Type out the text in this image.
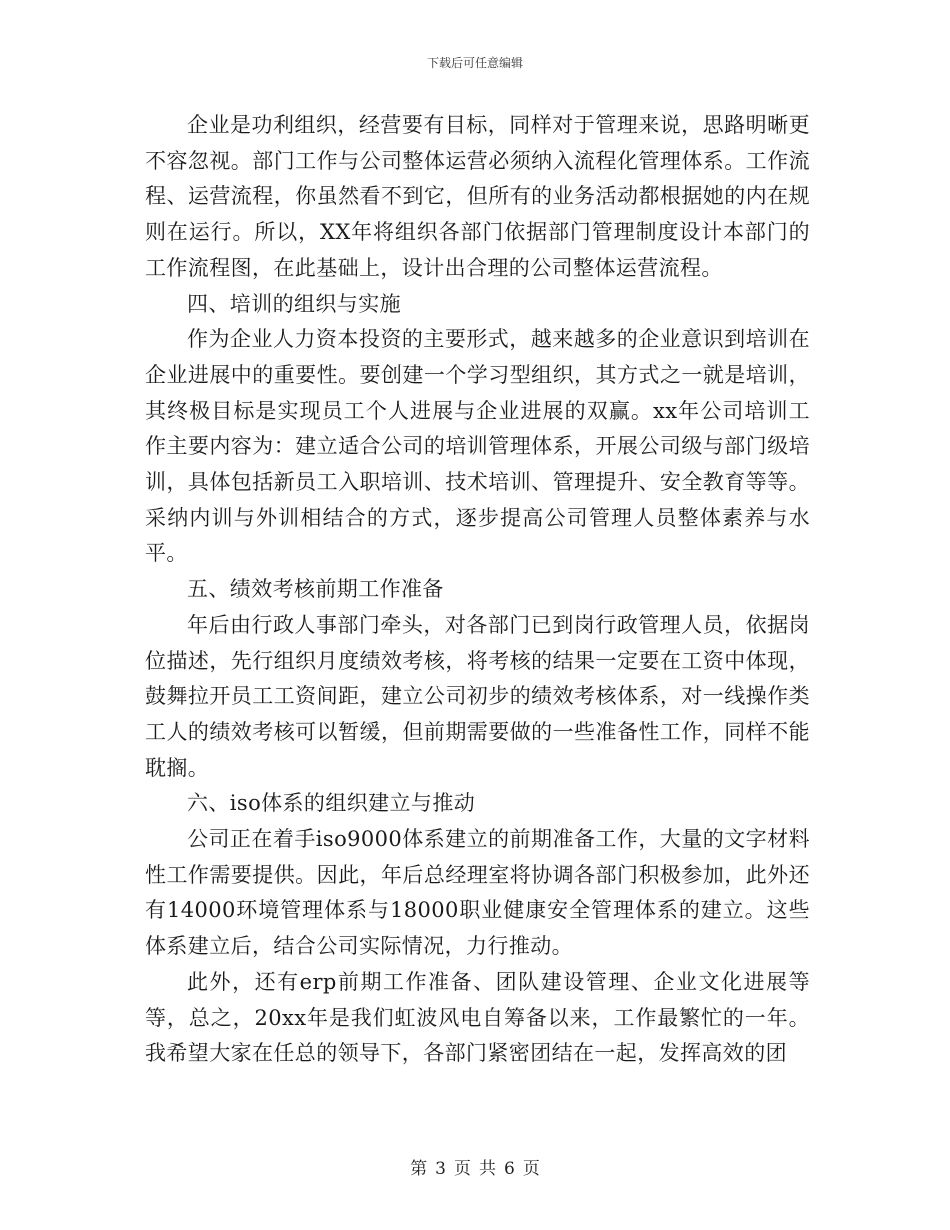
下载后可任意编辑

企业是功利组织，经营要有目标，同样对于管理来说，思路明晰更不容忽视。部门工作与公司整体运营必须纳入流程化管理体系。工作流程、运营流程，你虽然看不到它，但所有的业务活动都根据她的内在规则在运行。所以，XX年将组织各部门依据部门管理制度设计本部门的工作流程图，在此基础上，设计出合理的公司整体运营流程。

四、培训的组织与实施

作为企业人力资本投资的主要形式，越来越多的企业意识到培训在企业进展中的重要性。要创建一个学习型组织，其方式之一就是培训，其终极目标是实现员工个人进展与企业进展的双赢。xx年公司培训工作主要内容为：建立适合公司的培训管理体系，开展公司级与部门级培训，具体包括新员工入职培训、技术培训、管理提升、安全教育等等。采纳内训与外训相结合的方式，逐步提高公司管理人员整体素养与水平。

五、绩效考核前期工作准备

年后由行政人事部门牵头，对各部门已到岗行政管理人员，依据岗位描述，先行组织月度绩效考核，将考核的结果一定要在工资中体现，鼓舞拉开员工工资间距，建立公司初步的绩效考核体系，对一线操作类工人的绩效考核可以暂缓，但前期需要做的一些准备性工作，同样不能耽搁。

六、iso体系的组织建立与推动

公司正在着手iso9000体系建立的前期准备工作，大量的文字材料性工作需要提供。因此，年后总经理室将协调各部门积极参加，此外还有14000环境管理体系与18000职业健康安全管理体系的建立。这些体系建立后，结合公司实际情况，力行推动。

此外，还有erp前期工作准备、团队建设管理、企业文化进展等等，总之，20xx年是我们虹波风电自筹备以来，工作最繁忙的一年。我希望大家在任总的领导下，各部门紧密团结在一起，发挥高效的团

第 3 页 共 6 页
